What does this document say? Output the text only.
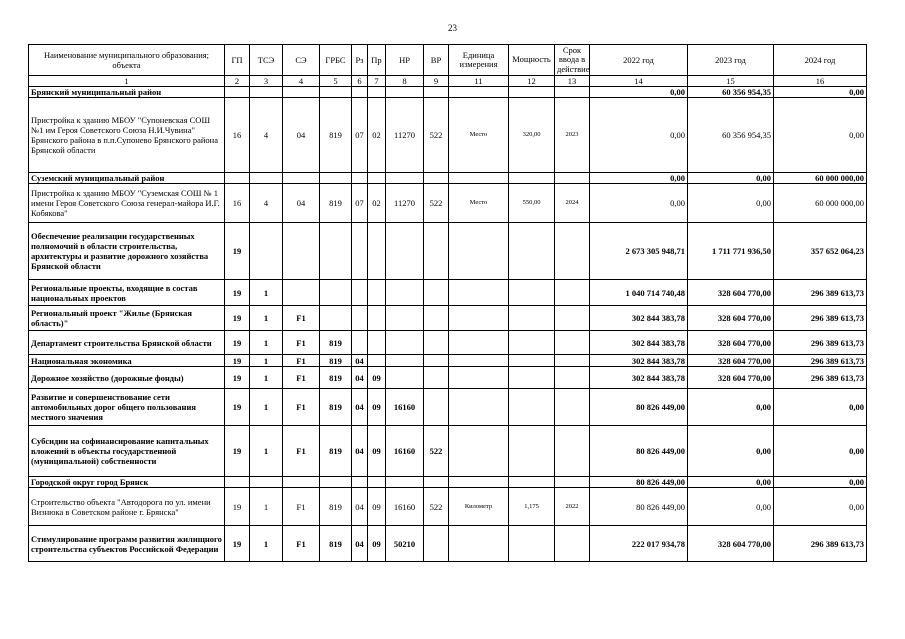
23
Наименование муниципального образования; объекта	ГП	ТСЭ	СЭ	ГРБС	Рз	Пр	НР	ВР	Единица измерения	Мощность	Срок ввода в действие	2022 год	2023 год	2024 год
1	2	3	4	5	6	7	8	9	11	12	13	14	15	16
Брянский муниципальный район												0,00	60 356 954,35	0,00
Пристройка к зданию МБОУ "Супоневская СОШ №1 им Героя Советского Союза Н.И.Чувина" Брянского района в п.п.Супонево Брянского района Брянской области	16	4	04	819	07	02	11270	522	Место	320,00	2023	0,00	60 356 954,35	0,00
Суземский муниципальный район												0,00	0,00	60 000 000,00
Пристройка к зданию МБОУ "Суземская СОШ № 1 имени Героя Советского Союза генерал-майора И.Г. Кобякова"	16	4	04	819	07	02	11270	522	Место	550,00	2024	0,00	0,00	60 000 000,00
Обеспечение реализации государственных полномочий в области строительства, архитектуры и развитие дорожного хозяйства Брянской области	19											2 673 305 948,71	1 711 771 936,50	357 652 064,23
Региональные проекты, входящие в состав национальных проектов	19	1										1 040 714 740,48	328 604 770,00	296 389 613,73
Региональный проект "Жилье (Брянская область)"	19	1	F1									302 844 383,78	328 604 770,00	296 389 613,73
Департамент строительства Брянской области	19	1	F1	819								302 844 383,78	328 604 770,00	296 389 613,73
Национальная экономика	19	1	F1	819	04							302 844 383,78	328 604 770,00	296 389 613,73
Дорожное хозяйство (дорожные фонды)	19	1	F1	819	04	09						302 844 383,78	328 604 770,00	296 389 613,73
Развитие и совершенствование сети автомобильных дорог общего пользования местного значения	19	1	F1	819	04	09	16160					80 826 449,00	0,00	0,00
Субсидии на софинансирование капитальных вложений в объекты государственной (муниципальной) собственности	19	1	F1	819	04	09	16160	522				80 826 449,00	0,00	0,00
Городской округ город Брянск												80 826 449,00	0,00	0,00
Строительство объекта "Автодорога по ул. имени Визнюка в Советском районе г. Брянска"	19	1	F1	819	04	09	16160	522	Километр	1,175	2022	80 826 449,00	0,00	0,00
Стимулирование программ развития жилищного строительства субъектов Российской Федерации	19	1	F1	819	04	09	50210					222 017 934,78	328 604 770,00	296 389 613,73
